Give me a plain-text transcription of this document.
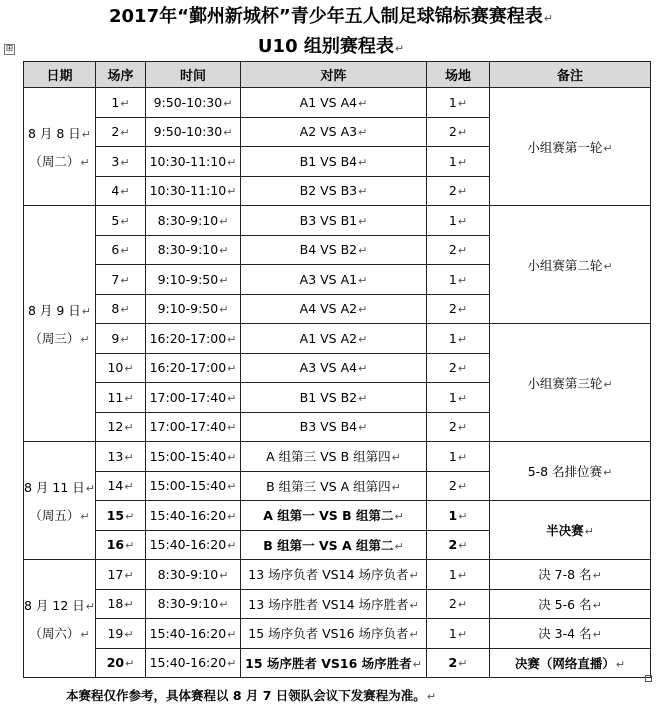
2017年“鄞州新城杯”青少年五人制足球锦标赛赛程表↵
U10 组别赛程表↵
⊞
日期	场序	时间	对阵	场地	备注

8 月 8 日↵
（周二）↵	1↵	9:50-10:30↵	A1 VS A4↵	1↵	小组赛第一轮↵
	2↵	9:50-10:30↵	A2 VS A3↵	2↵	
	3↵	10:30-11:10↵	B1 VS B4↵	1↵	
	4↵	10:30-11:10↵	B2 VS B3↵	2↵	

8 月 9 日↵
（周三）↵	5↵	8:30-9:10↵	B3 VS B1↵	1↵	小组赛第二轮↵
	6↵	8:30-9:10↵	B4 VS B2↵	2↵	
	7↵	9:10-9:50↵	A3 VS A1↵	1↵	
	8↵	9:10-9:50↵	A4 VS A2↵	2↵	
	9↵	16:20-17:00↵	A1 VS A2↵	1↵	小组赛第三轮↵
	10↵	16:20-17:00↵	A3 VS A4↵	2↵	
	11↵	17:00-17:40↵	B1 VS B2↵	1↵	
	12↵	17:00-17:40↵	B3 VS B4↵	2↵	

8 月 11 日↵
（周五）↵	13↵	15:00-15:40↵	A 组第三 VS B 组第四↵	1↵	5-8 名排位赛↵
	14↵	15:00-15:40↵	B 组第三 VS A 组第四↵	2↵	
	15↵	15:40-16:20↵	A 组第一 VS B 组第二↵	1↵	半决赛↵
	16↵	15:40-16:20↵	B 组第一 VS A 组第二↵	2↵	

8 月 12 日↵
（周六）↵	17↵	8:30-9:10↵	13 场序负者 VS14 场序负者↵	1↵	决 7-8 名↵
	18↵	8:30-9:10↵	13 场序胜者 VS14 场序胜者↵	2↵	决 5-6 名↵
	19↵	15:40-16:20↵	15 场序负者 VS16 场序负者↵	1↵	决 3-4 名↵
	20↵	15:40-16:20↵	15 场序胜者 VS16 场序胜者↵	2↵	决赛（网络直播）↵
本赛程仅作参考，具体赛程以 8 月 7 日领队会议下发赛程为准。↵
